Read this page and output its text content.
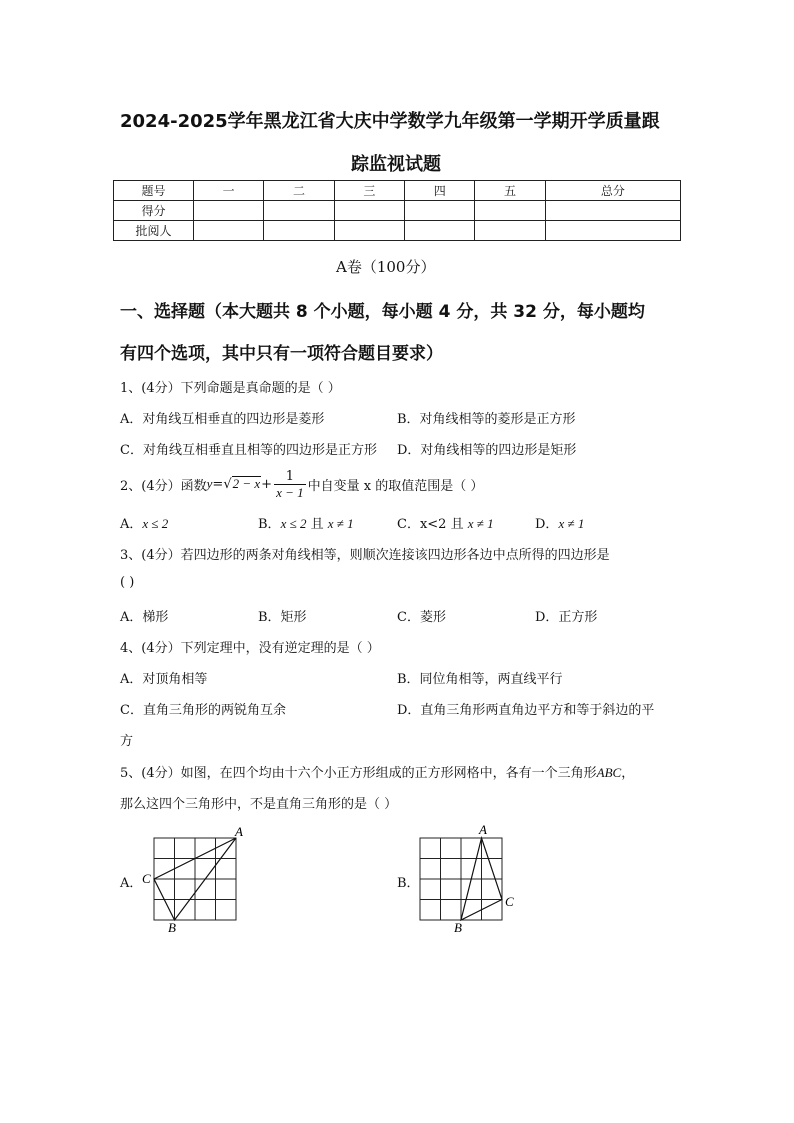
2024-2025学年黑龙江省大庆中学数学九年级第一学期开学质量跟
踪监视试题
题号	一	二	三	四	五	总分
得分						
批阅人						
A卷（100分）
一、选择题（本大题共 8 个小题，每小题 4 分，共 32 分，每小题均
有四个选项，其中只有一项符合题目要求）
1、(4分）下列命题是真命题的是（ ）
A．对角线互相垂直的四边形是菱形	B．对角线相等的菱形是正方形
C．对角线互相垂直且相等的四边形是正方形 D．对角线相等的四边形是矩形
2、(4分）函数 $y = √2 - x + \frac{1}{x - 1}$ 中自变量 x 的取值范围是（ ）
A．x ≤ 2	B．x ≤ 2 且 x ≠ 1	C．x<2 且 x ≠ 1	D．x ≠ 1
3、(4分）若四边形的两条对角线相等，则顺次连接该四边形各边中点所得的四边形是
( )
A．梯形	B．矩形	C．菱形	D．正方形
4、(4分）下列定理中，没有逆定理的是（ ）
A．对顶角相等	B．同位角相等，两直线平行
C．直角三角形的两锐角互余	D．直角三角形两直角边平方和等于斜边的平
方
5、(4分）如图，在四个均由十六个小正方形组成的正方形网格中，各有一个三角形ABC，
那么这四个三角形中，不是直角三角形的是（ ）
A．	B．
A
B
C
A
B
C
